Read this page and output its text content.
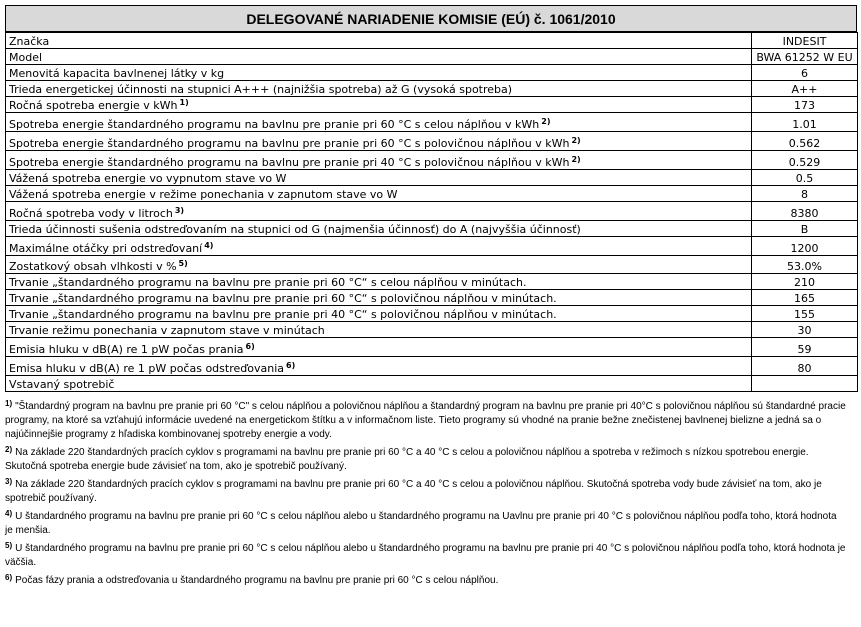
DELEGOVANÉ NARIADENIE KOMISIE (EÚ) č. 1061/2010
Značka	INDESIT
Model	BWA 61252 W EU
Menovitá kapacita bavlnenej látky v kg	6
Trieda energetickej účinnosti na stupnici A+++ (najnižšia spotreba) až G (vysoká spotreba)	A++
Ročná spotreba energie v kWh $^{1)}$	173
Spotreba energie štandardného programu na bavlnu pre pranie pri 60 °C s celou náplňou v kWh $^{2)}$	1.01
Spotreba energie štandardného programu na bavlnu pre pranie pri 60 °C s polovičnou náplňou v kWh $^{2)}$	0.562
Spotreba energie štandardného programu na bavlnu pre pranie pri 40 °C s polovičnou náplňou v kWh $^{2)}$	0.529
Vážená spotreba energie vo vypnutom stave vo W	0.5
Vážená spotreba energie v režime ponechania v zapnutom stave vo W	8
Ročná spotreba vody v litroch $^{3)}$	8380
Trieda účinnosti sušenia odstreďovaním na stupnici od G (najmenšia účinnosť) do A (najvyššia účinnosť)	B
Maximálne otáčky pri odstreďovaní $^{4)}$	1200
Zostatkový obsah vlhkosti v % $^{5)}$	53.0%
Trvanie „štandardného programu na bavlnu pre pranie pri 60 °C“ s celou náplňou v minútach.	210
Trvanie „štandardného programu na bavlnu pre pranie pri 60 °C“ s polovičnou náplňou v minútach.	165
Trvanie „štandardného programu na bavlnu pre pranie pri 40 °C“ s polovičnou náplňou v minútach.	155
Trvanie režimu ponechania v zapnutom stave v minútach	30
Emisia hluku v dB(A) re 1 pW počas prania $^{6)}$	59
Emisa hluku v dB(A) re 1 pW počas odstreďovania $^{6)}$	80
Vstavaný spotrebič	
$^{1)}$ "Štandardný program na bavlnu pre pranie pri 60 °C" s celou náplňou a polovičnou náplňou a štandardný program na bavlnu pre pranie pri 40°C s polovičnou náplňou sú štandardné pracie programy, na ktoré sa vzťahujú informácie uvedené na energetickom štítku a v informačnom liste. Tieto programy sú vhodné na pranie bežne znečistenej bavlnenej bielizne a jedná sa o najúčinnejšie programy z hľadiska kombinovanej spotreby energie a vody.
$^{2)}$ Na základe 220 štandardných pracích cyklov s programami na bavlnu pre pranie pri 60 °C a 40 °C s celou a polovičnou náplňou a spotreba v režimoch s nízkou spotrebou energie. Skutočná spotreba energie bude závisieť na tom, ako je spotrebič používaný.
$^{3)}$ Na základe 220 štandardných pracích cyklov s programami na bavlnu pre pranie pri 60 °C a 40 °C s celou a polovičnou náplňou. Skutočná spotreba vody bude závisieť na tom, ako je spotrebič používaný.
$^{4)}$ U štandardného programu na bavlnu pre pranie pri 60 °C s celou náplňou alebo u štandardného programu na Uavlnu pre pranie pri 40 °C s polovičnou náplňou podľa toho, ktorá hodnota je menšia.
$^{5)}$ U štandardného programu na bavlnu pre pranie pri 60 °C s celou náplňou alebo u štandardného programu na bavlnu pre pranie pri 40 °C s polovičnou náplňou podľa toho, ktorá hodnota je väčšia.
$^{6)}$ Počas fázy prania a odstreďovania u štandardného programu na bavlnu pre pranie pri 60 °C s celou náplňou.
